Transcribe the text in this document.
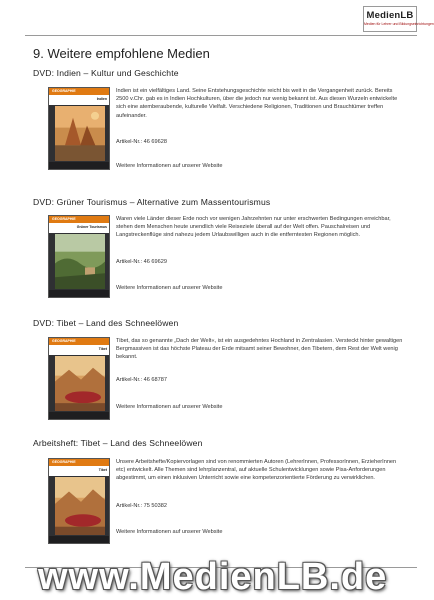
MedienLB
Medien für Lehrer und Bildungseinrichtungen
9. Weitere empfohlene Medien
DVD: Indien – Kultur und Geschichte
GEOGRAPHIE
Indien
Indien ist ein vielfältiges Land. Seine Entstehungsgeschichte reicht bis weit in die Vergangenheit zurück. Bereits 2500 v.Chr. gab es in Indien Hochkulturen, über die jedoch nur wenig bekannt ist. Aus diesen Wurzeln entwickelte sich eine atemberaubende, kulturelle Vielfalt. Verschiedene Religionen, Traditionen und Brauchtümer treffen aufeinander.
Artikel-Nr.: 46 69628
Weitere Informationen auf unserer Website
DVD: Grüner Tourismus – Alternative zum Massentourismus
GEOGRAPHIE
Grüner Tourismus
Waren viele Länder dieser Erde noch vor wenigen Jahrzehnten nur unter erschwerten Bedingungen erreichbar, stehen dem Menschen heute unendlich viele Reiseziele überall auf der Welt offen. Pauschalreisen und Langstreckenflüge sind nahezu jedem Urlaubswilligen auch in die entferntesten Regionen möglich.
Artikel-Nr.: 46 69629
Weitere Informationen auf unserer Website
DVD: Tibet – Land des Schneelöwen
GEOGRAPHIE
Tibet
Tibet, das so genannte „Dach der Welt«, ist ein ausgedehntes Hochland in Zentralasien. Versteckt hinter gewaltigen Bergmassiven ist das höchste Plateau der Erde mitsamt seiner Bewohner, den Tibetern, dem Rest der Welt wenig bekannt.
Artikel-Nr.: 46 68787
Weitere Informationen auf unserer Website
Arbeitsheft: Tibet – Land des Schneelöwen
GEOGRAPHIE
Tibet
Unsere Arbeitshefte/Kopiervorlagen sind von renommierten Autoren (LehrerInnen, ProfessorInnen, ErzieherInnen etc) entwickelt. Alle Themen sind lehrplanzentral, auf aktuelle Schulentwicklungen sowie Pisa-Anforderungen abgestimmt, um einen inklusiven Unterricht sowie eine kompetenzorientierte Förderung zu verwirklichen.
Artikel-Nr.: 75 50382
Weitere Informationen auf unserer Website
www.MedienLB.de
